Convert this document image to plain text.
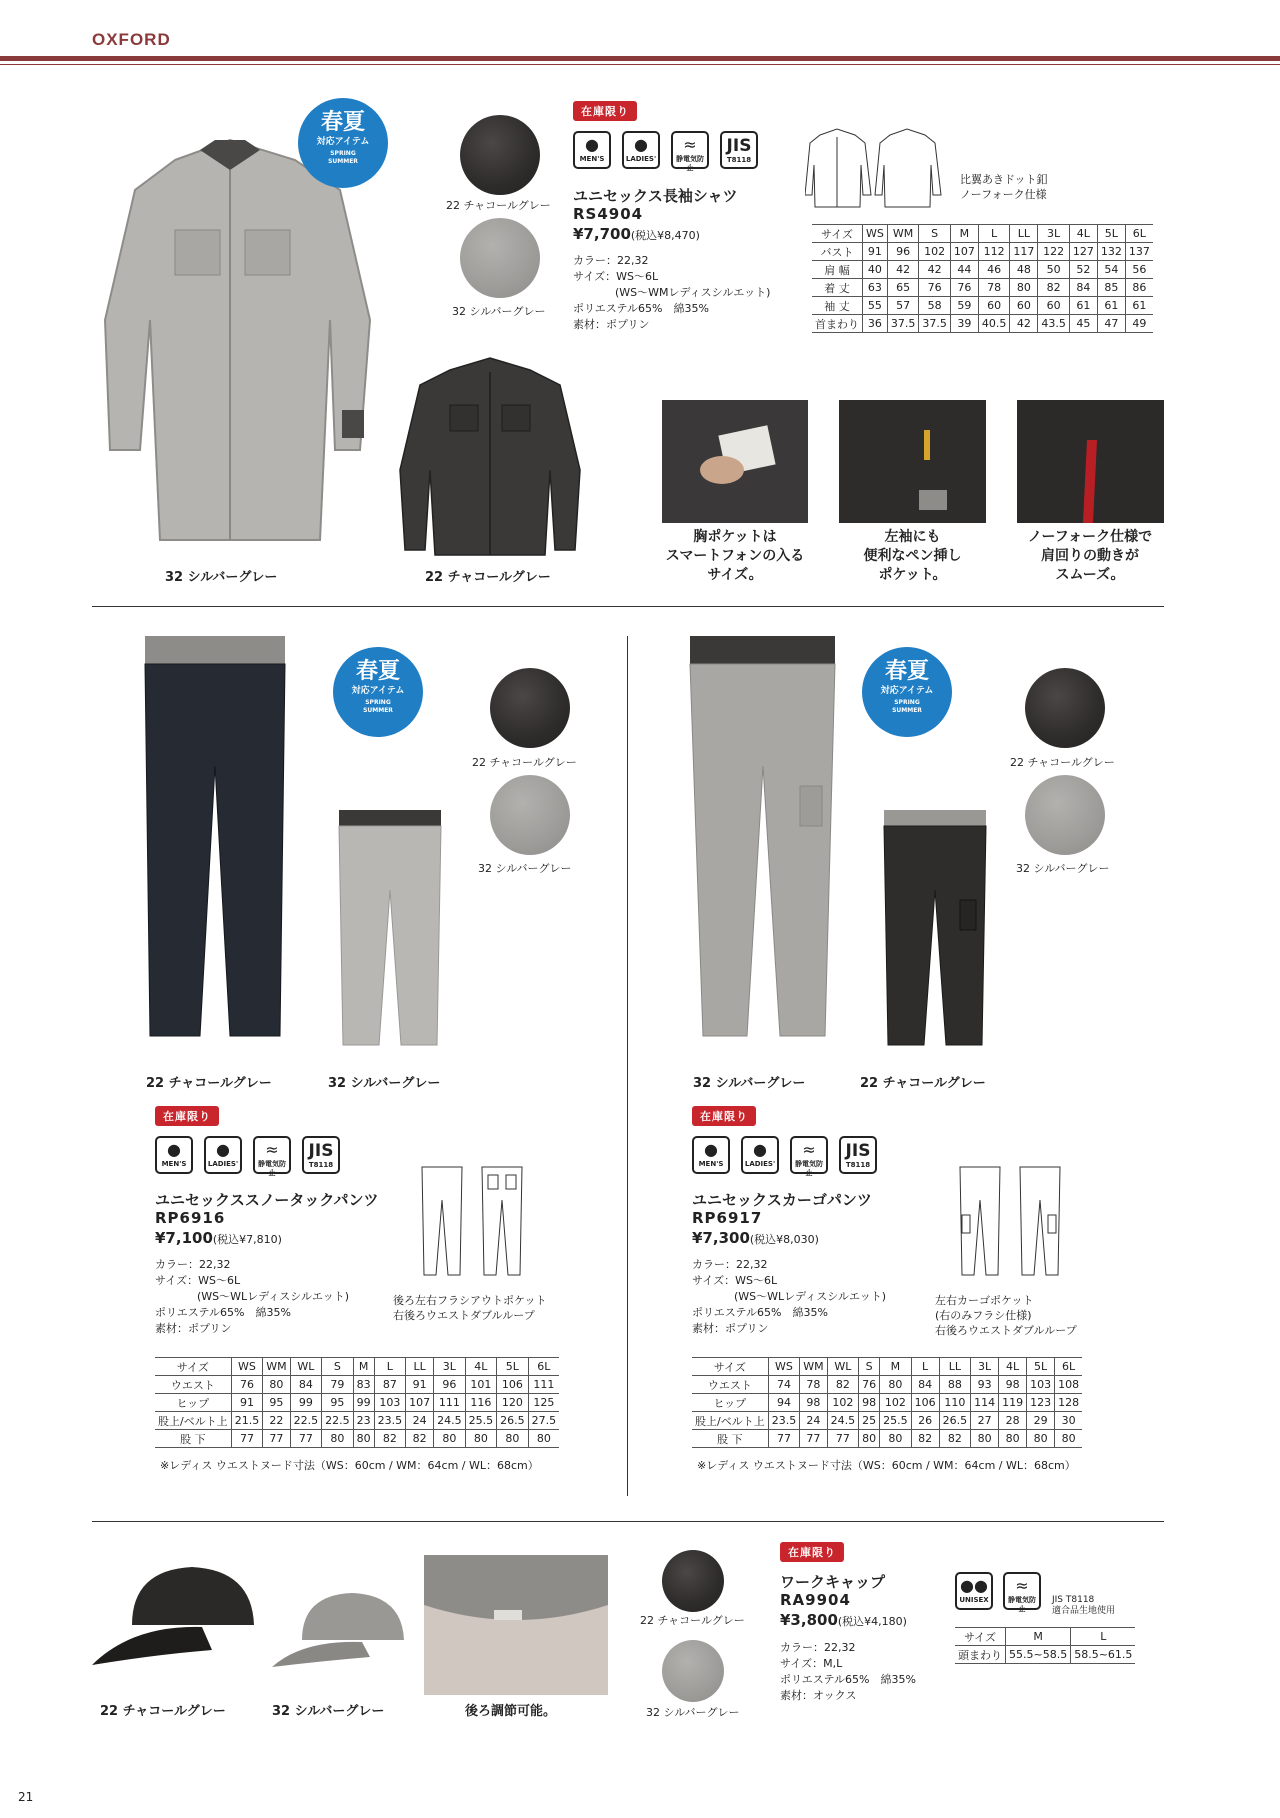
OXFORD
春夏
対応アイテム
SPRING
SUMMER
32 シルバーグレー	22 チャコールグレー
22 チャコールグレー
32 シルバーグレー
在庫限り
●
MEN'S
●
LADIES'
≈
静電気防止
JIS
T8118
ユニセックス長袖シャツ
RS4904
¥7,700(税込¥8,470)
カラー：22,32
サイズ：WS～6L
(WS～WMレディスシルエット)
ポリエステル65%　綿35%
素材：ポプリン
比翼あきドット釦
ノーフォーク仕様
サイズ	WS	WM	S	M	L	LL	3L	4L	5L	6L
バスト	91	96	102	107	112	117	122	127	132	137
肩 幅	40	42	42	44	46	48	50	52	54	56
着 丈	63	65	76	76	78	80	82	84	85	86
袖 丈	55	57	58	59	60	60	60	61	61	61
首まわり	36	37.5	37.5	39	40.5	42	43.5	45	47	49
胸ポケットは
スマートフォンの入る
サイズ。
左袖にも
便利なペン挿し
ポケット。
ノーフォーク仕様で
肩回りの動きが
スムーズ。
春夏
対応アイテム
SPRING
SUMMER
22 チャコールグレー
32 シルバーグレー
22 チャコールグレー	32 シルバーグレー
在庫限り
●
MEN'S
●
LADIES'
≈
静電気防止
JIS
T8118
ユニセックススノータックパンツ
RP6916
¥7,100(税込¥7,810)
カラー：22,32
サイズ：WS～6L
(WS～WLレディスシルエット)
ポリエステル65%　綿35%
素材：ポプリン
後ろ左右フラシアウトポケット
右後ろウエストダブルループ
サイズ	WS	WM	WL	S	M	L	LL	3L	4L	5L	6L
ウエスト	76	80	84	79	83	87	91	96	101	106	111
ヒップ	91	95	99	95	99	103	107	111	116	120	125
股上/ベルト上	21.5	22	22.5	22.5	23	23.5	24	24.5	25.5	26.5	27.5
股 下	77	77	77	80	80	82	82	80	80	80	80
※レディス ウエストヌード寸法（WS：60cm / WM：64cm / WL：68cm）
春夏
対応アイテム
SPRING
SUMMER
22 チャコールグレー
32 シルバーグレー
32 シルバーグレー	22 チャコールグレー
在庫限り
●
MEN'S
●
LADIES'
≈
静電気防止
JIS
T8118
ユニセックスカーゴパンツ
RP6917
¥7,300(税込¥8,030)
カラー：22,32
サイズ：WS～6L
(WS～WLレディスシルエット)
ポリエステル65%　綿35%
素材：ポプリン
左右カーゴポケット
(右のみフラシ仕様)
右後ろウエストダブルループ
サイズ	WS	WM	WL	S	M	L	LL	3L	4L	5L	6L
ウエスト	74	78	82	76	80	84	88	93	98	103	108
ヒップ	94	98	102	98	102	106	110	114	119	123	128
股上/ベルト上	23.5	24	24.5	25	25.5	26	26.5	27	28	29	30
股 下	77	77	77	80	80	82	82	80	80	80	80
※レディス ウエストヌード寸法（WS：60cm / WM：64cm / WL：68cm）
22 チャコールグレー	32 シルバーグレー	後ろ調節可能。
22 チャコールグレー
32 シルバーグレー
在庫限り
ワークキャップ
RA9904
¥3,800(税込¥4,180)
カラー：22,32
サイズ：M,L
ポリエステル65%　綿35%
素材：オックス
●●
UNISEX
≈
静電気防止
JIS T8118
適合品生地使用
サイズ	M	L
頭まわり	55.5~58.5	58.5~61.5
21
